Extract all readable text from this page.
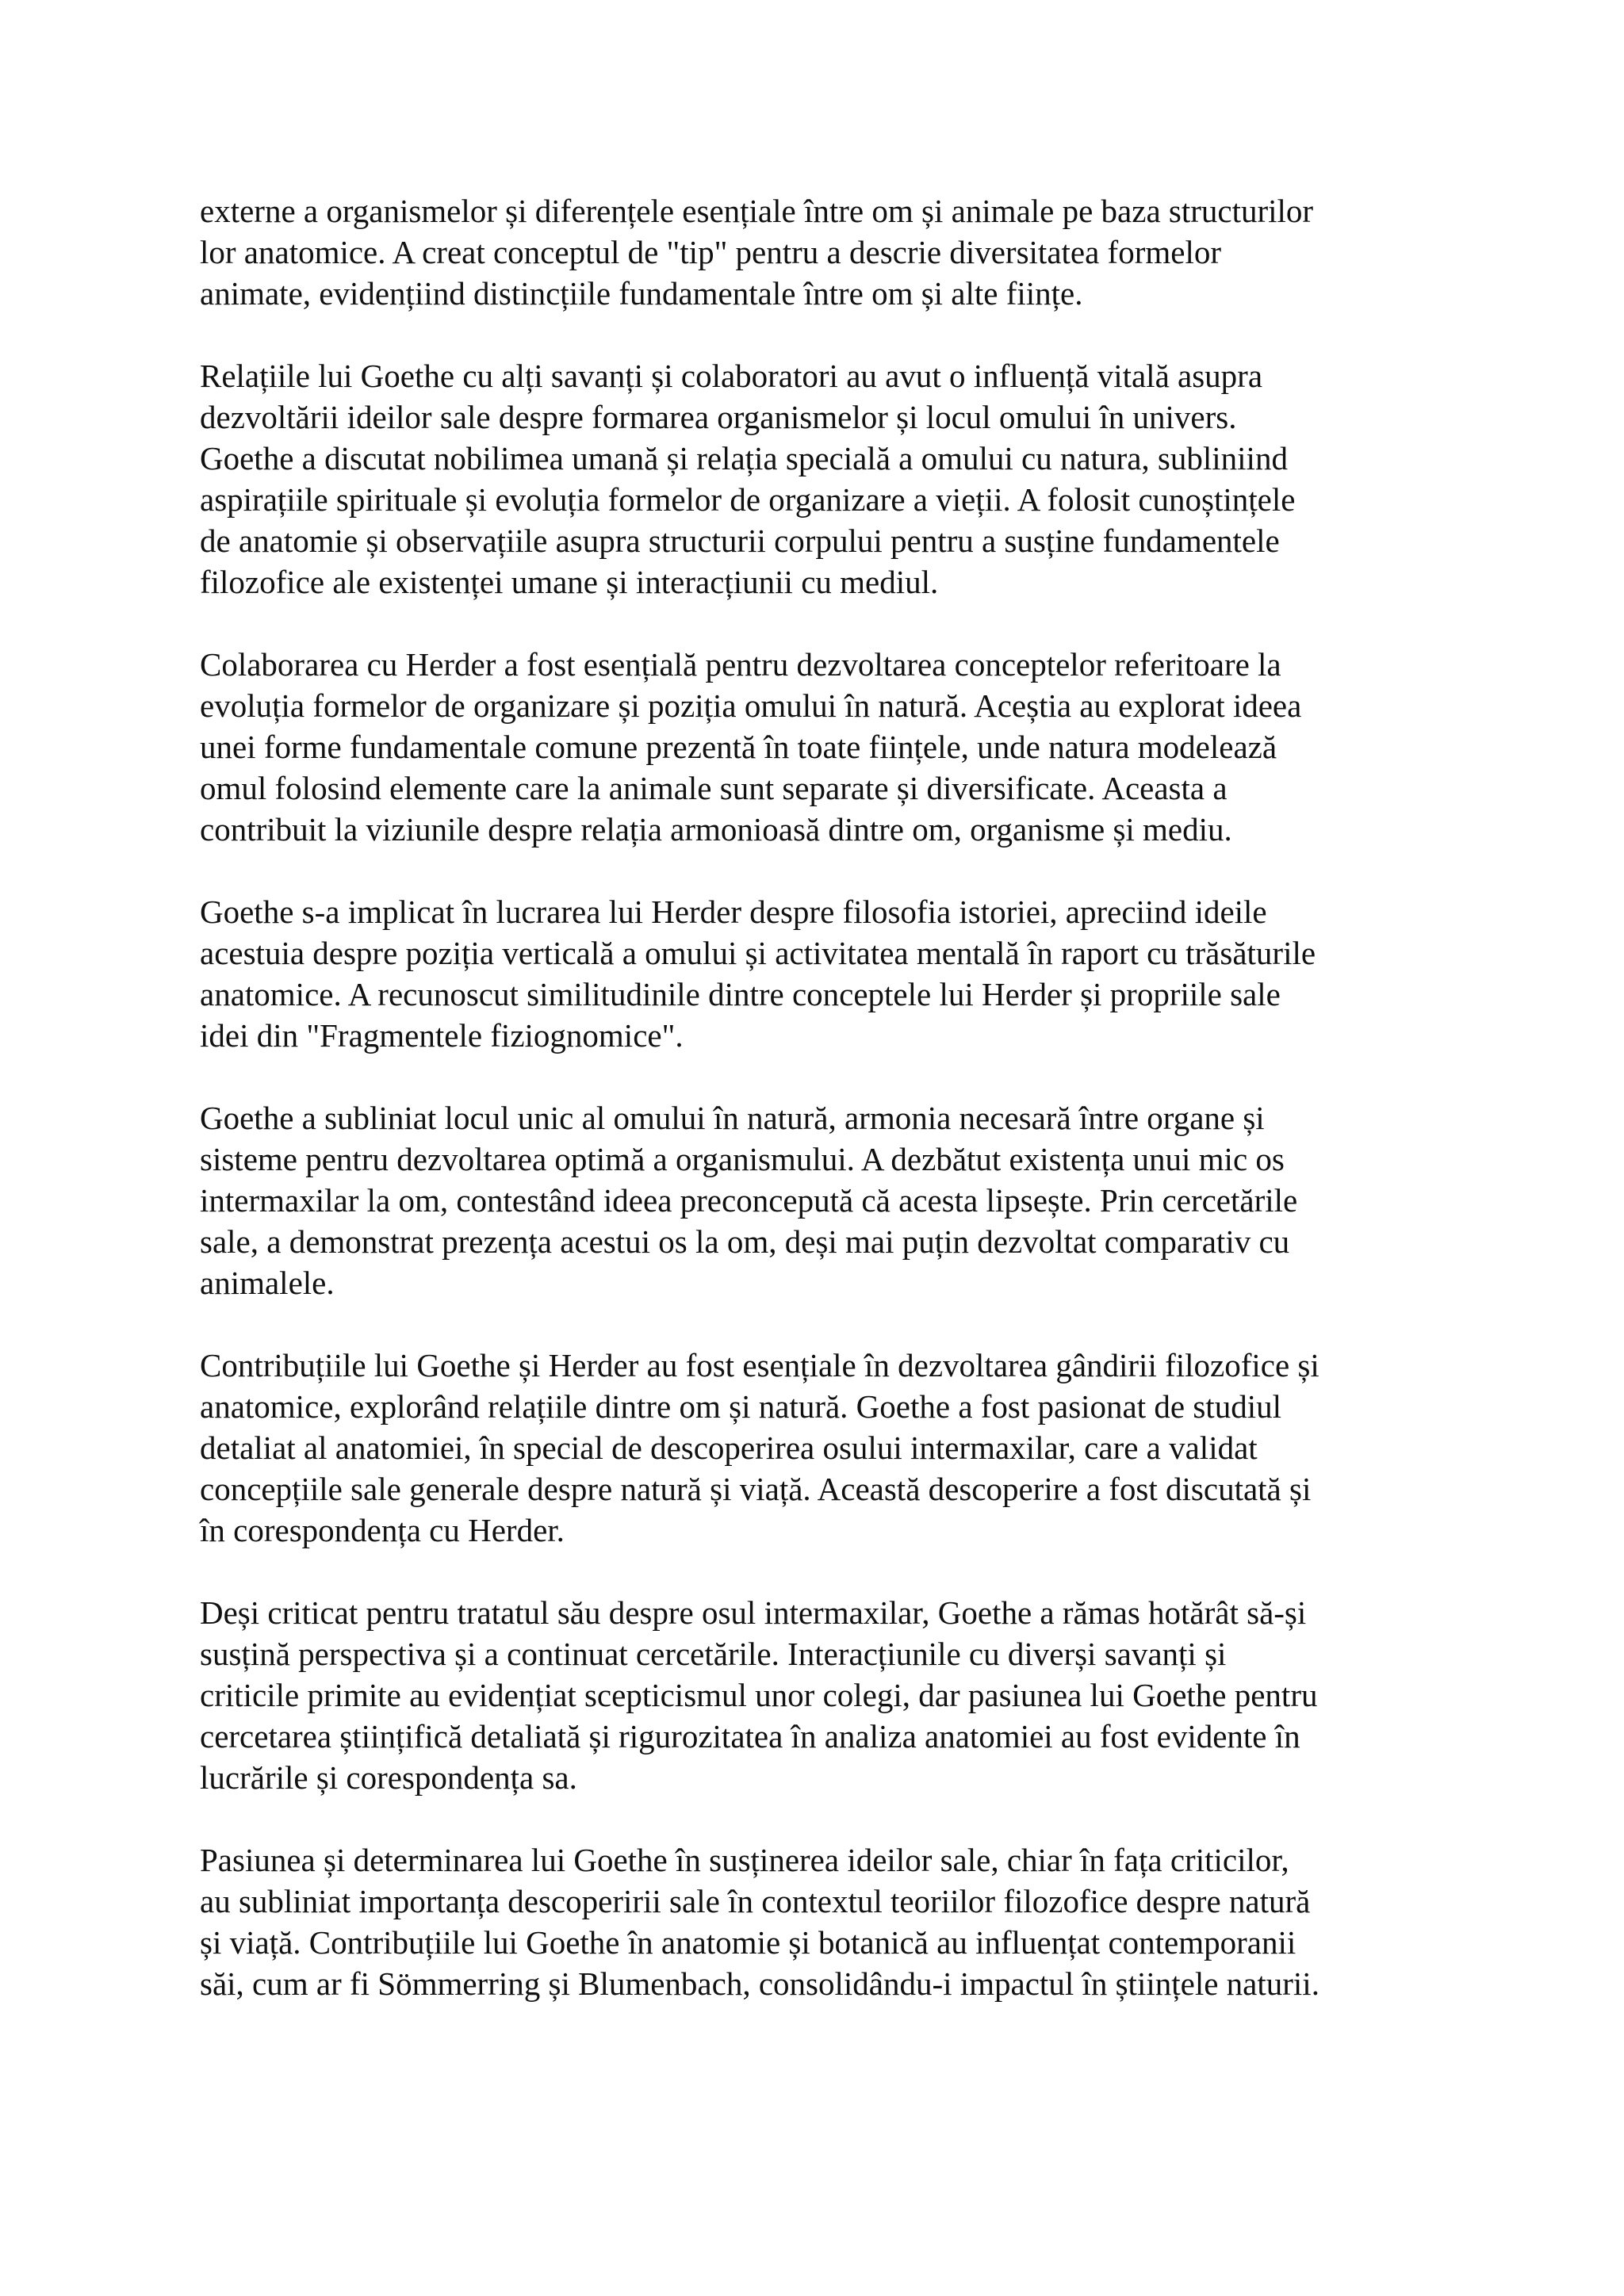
externe a organismelor și diferențele esențiale între om și animale pe baza structurilor
lor anatomice. A creat conceptul de "tip" pentru a descrie diversitatea formelor
animate, evidențiind distincțiile fundamentale între om și alte ființe.

Relațiile lui Goethe cu alți savanți și colaboratori au avut o influență vitală asupra
dezvoltării ideilor sale despre formarea organismelor și locul omului în univers.
Goethe a discutat nobilimea umană și relația specială a omului cu natura, subliniind
aspirațiile spirituale și evoluția formelor de organizare a vieții. A folosit cunoștințele
de anatomie și observațiile asupra structurii corpului pentru a susține fundamentele
filozofice ale existenței umane și interacțiunii cu mediul.

Colaborarea cu Herder a fost esențială pentru dezvoltarea conceptelor referitoare la
evoluția formelor de organizare și poziția omului în natură. Aceștia au explorat ideea
unei forme fundamentale comune prezentă în toate ființele, unde natura modelează
omul folosind elemente care la animale sunt separate și diversificate. Aceasta a
contribuit la viziunile despre relația armonioasă dintre om, organisme și mediu.

Goethe s-a implicat în lucrarea lui Herder despre filosofia istoriei, apreciind ideile
acestuia despre poziția verticală a omului și activitatea mentală în raport cu trăsăturile
anatomice. A recunoscut similitudinile dintre conceptele lui Herder și propriile sale
idei din "Fragmentele fiziognomice".

Goethe a subliniat locul unic al omului în natură, armonia necesară între organe și
sisteme pentru dezvoltarea optimă a organismului. A dezbătut existența unui mic os
intermaxilar la om, contestând ideea preconcepută că acesta lipsește. Prin cercetările
sale, a demonstrat prezența acestui os la om, deși mai puțin dezvoltat comparativ cu
animalele.

Contribuțiile lui Goethe și Herder au fost esențiale în dezvoltarea gândirii filozofice și
anatomice, explorând relațiile dintre om și natură. Goethe a fost pasionat de studiul
detaliat al anatomiei, în special de descoperirea osului intermaxilar, care a validat
concepțiile sale generale despre natură și viață. Această descoperire a fost discutată și
în corespondența cu Herder.

Deși criticat pentru tratatul său despre osul intermaxilar, Goethe a rămas hotărât să-și
susțină perspectiva și a continuat cercetările. Interacțiunile cu diverși savanți și
criticile primite au evidențiat scepticismul unor colegi, dar pasiunea lui Goethe pentru
cercetarea științifică detaliată și rigurozitatea în analiza anatomiei au fost evidente în
lucrările și corespondența sa.

Pasiunea și determinarea lui Goethe în susținerea ideilor sale, chiar în fața criticilor,
au subliniat importanța descoperirii sale în contextul teoriilor filozofice despre natură
și viață. Contribuțiile lui Goethe în anatomie și botanică au influențat contemporanii
săi, cum ar fi Sömmerring și Blumenbach, consolidându-i impactul în științele naturii.
